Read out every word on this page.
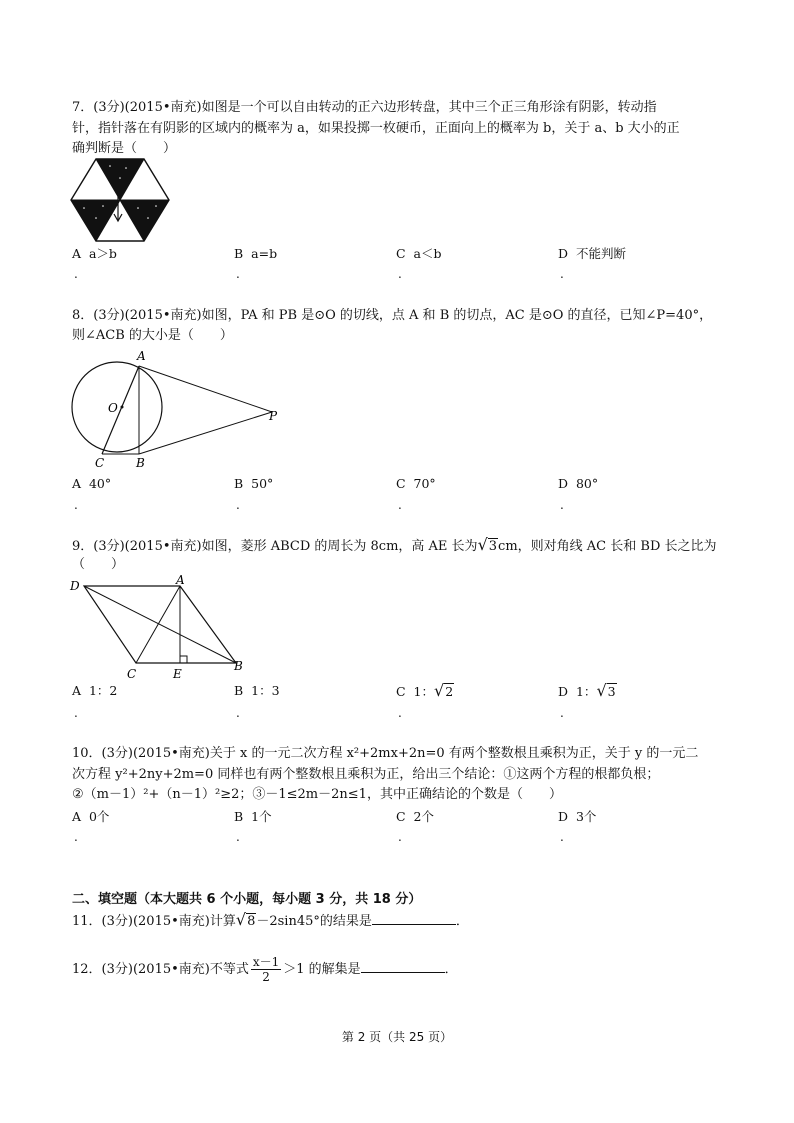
7．(3分)(2015•南充)如图是一个可以自由转动的正六边形转盘，其中三个正三角形涂有阴影，转动指
针，指针落在有阴影的区域内的概率为 a，如果投掷一枚硬币，正面向上的概率为 b，关于 a、b 大小的正
确判断是（　　）
A a＞b	B a=b	C a＜b	D 不能判断
.	.	.	.
8．(3分)(2015•南充)如图，PA 和 PB 是⊙O 的切线，点 A 和 B 的切点，AC 是⊙O 的直径，已知∠P=40°，
则∠ACB 的大小是（　　）
A
O
P
C	B
A 40°	B 50°	C 70°	D 80°
.	.	.	.
9．(3分)(2015•南充)如图，菱形 ABCD 的周长为 8cm，高 AE 长为√3cm，则对角线 AC 长和 BD 长之比为
（　　）
D	A
C	E
B
A 1：2	B 1：3	C 1：√2	D 1：√3
.	.	.	.
10．(3分)(2015•南充)关于 x 的一元二次方程 x²+2mx+2n=0 有两个整数根且乘积为正，关于 y 的一元二
次方程 y²+2ny+2m=0 同样也有两个整数根且乘积为正，给出三个结论：①这两个方程的根都负根；
②（m－1）²+（n－1）²≥2；③－1≤2m－2n≤1，其中正确结论的个数是（　　）
A 0个	B 1个	C 2个	D 3个
.	.	.	.
二、填空题（本大题共 6 个小题，每小题 3 分，共 18 分）
11．(3分)(2015•南充)计算√8－2sin45°的结果是	．
12．(3分)(2015•南充)不等式 $\frac{x-1}{2} >1$ 的解集是	．
第 2 页（共 25 页）
